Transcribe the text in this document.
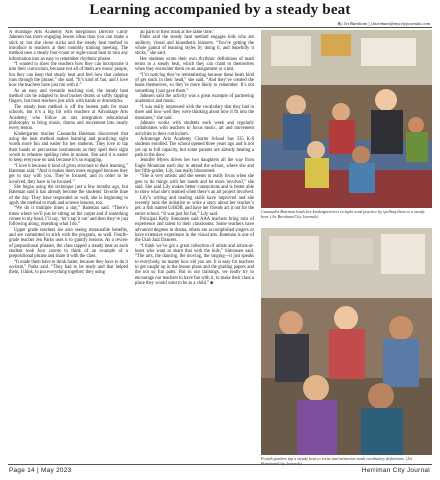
Learning accompanied by a steady beat
By Jet Burnham | j.burnham@mycityjournals.com

A dvantage Arts Academy Arts Integration Director Cindy Jahnsen has more engaging lesson ideas than you can shake a stick at; but she chose sticks and the steady beat method to introduce to teachers at their monthly training meeting. The method uses a steady four-count or eight-count beat to turn any information into an easy to remember rhythmic phrase.

“I wanted to show the teachers how they can incorporate it into their curriculum, because not all of them are music people, but they can keep that steady beat and feel how that cadence runs through the phrase,” she said. “It’s kind of fun, and I love how the teachers have just run with it.”

As an easy and versatile teaching tool, the steady beat method can be adapted to loud bucket drums or softly tapping fingers, but most teachers just stick with hands or drumsticks.

The steady beat method is off the beaten path for most schools, but it’s a big hit with teachers at Advantage Arts Academy, who follow an arts integration educational philosophy to bring music, drama and movement into nearly every lesson.

Kindergarten teacher Cassandra Bateman discovered that using the beat method makes learning and practicing sight words more fun and easier for her students. They love to tap their hands or percussion instruments as they spell their sight words to rehearse spelling rules in unison. She said it is easier to keep everyone on task because it’s so engaging.

“I love it because it kind of gives structure to their learning,” Bateman said. “And it makes them more engaged because they get to stay with you. They’re focused, and in order to be involved, they have to be focused.”

She began using the technique just a few months ago, but Bateman said it has already become the students’ favorite time of the day. They have responded so well, she is beginning to apply the method to math and science lessons, too.

“We do it multiple times a day,” Bateman said. “There’s times where we’ll just be sitting on the carpet and if something comes to my head, I’ll say, ‘let’s tap it out’ and then they’re just following along, repeating what I do.”

Upper grade teachers are also seeing measurable benefits, and are committed to stick with the program, as well. Fourth-grade teacher Jen Parks uses it to gamify lessons. As a review of prepositional phrases, the class tapped a steady beat as each student took four counts to think of an example of a prepositional phrase and share it with the class.

“It made them have to think faster, because they have to do it on-beat,” Parks said. “They had to be ready and that helped them, I think, to put everything together; they using

all parts of their brain at the same time.”

Parks said the steady beat method engages kids who are auditory, visual and kinesthetic learners. “You’re getting the whole gamut of learning styles by doing it, and hopefully it sticks,” she said.

Her students wrote their own rhythmic definitions of math terms to a steady beat, which they can chant to themselves when they encounter them on an assignment or a test.

“I’m noticing they’re remembering because these beats kind of get stuck in their head,” she said. “And they’ve created the beats themselves, so they’re more likely to remember. It’s not something I just gave them.”

Jahnsen said the activity was a great example of partnering academics and music.

“I was really impressed with the vocabulary that they had in there and how well they were thinking about how it fit into the measures,” she said.

Jahnsen works with students each week and regularly collaborates with teachers to focus music, art and movement activities to their curriculum.

Advantage Arts Academy Charter School has 335 K-8 students enrolled. The school opened three years ago and is not yet up to full capacity, but some parents are already beating a path to the door.

Jennifer Myers drives her two daughters all the way from Eagle Mountain each day to attend the school, where she and her fifth-grader, Lily, has really blossomed.

“She is very artistic and she seems to really focus when she gets to do things with her hands and be more involved,” she said. She said Lily makes better connections and is better able to show what she’s learned when there’s an art project involved.

Lily’s writing and reading skills have improved and she recently took the initiative to write a story about her teacher’s pet, a fish named UrBDB, and have her friends act it out for the entire school. “It was just for fun,” Lily said.

Principal Kelly Simonsen said AAA teachers bring tons of experience and talent to their classrooms. Some teachers have advanced degrees in drama, others are accomplished singers or have extensive experience in the visual arts. Bateman is one of the Utah Jazz Dancers.

“I think we’ve got a great collection of artists and artists-at-heart who want to share that with the kids,” Simonsen said. “The arts, the dancing, the moving, the singing—it just speaks to everybody, no matter how old you are. It is easy for teachers to get caught up in the lesson plans and the grading papers and the not so fun parts. But in our trainings, we really try to encourage our teachers to have fun with it, to make their class a place they would want to be as a child.” ■

Cassandra Bateman leads her kindergarteners in sight word practice by spelling them to a steady beat. (Jet Burnham/City Journals)
Fourth graders tap a steady beat to recite and memorize math vocabulary definitions. (Jet Burnham/City Journals)
Page 14 | May 2023	Herriman City Journal
